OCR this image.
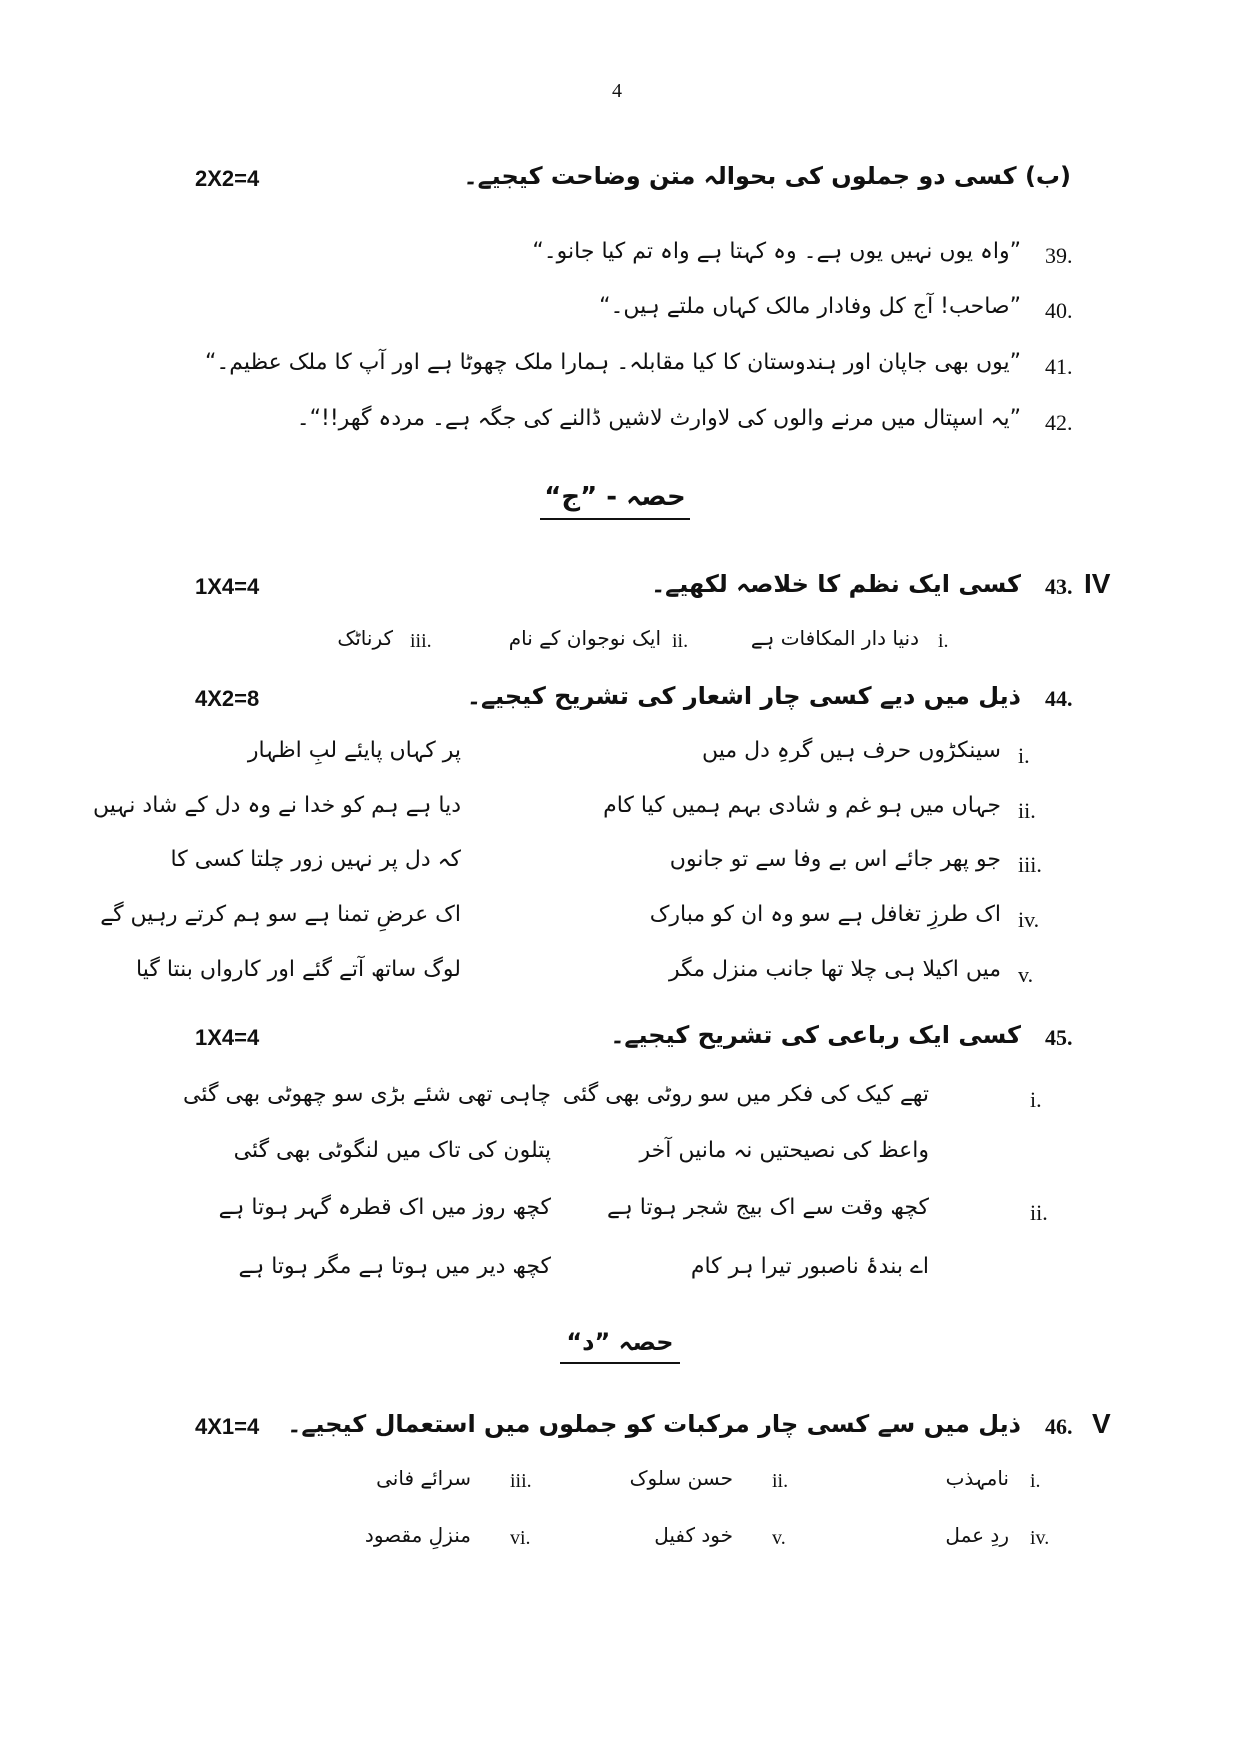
4
2X2=4	(ب) کسی دو جملوں کی بحوالہ متن وضاحت کیجیے۔
39.
”واہ یوں نہیں یوں ہے۔ وہ کہتا ہے واہ تم کیا جانو۔“
40.
”صاحب! آج کل وفادار مالک کہاں ملتے ہیں۔“
41.
”یوں بھی جاپان اور ہندوستان کا کیا مقابلہ۔ ہمارا ملک چھوٹا ہے اور آپ کا ملک عظیم۔“
42.
”یہ اسپتال میں مرنے والوں کی لاوارث لاشیں ڈالنے کی جگہ ہے۔ مردہ گھر!!“۔
حصہ - ”ج“
1X4=4	IV
43.
کسی ایک نظم کا خلاصہ لکھیے۔
i.
دنیا دار المکافات ہے
ii.
ایک نوجوان کے نام
iii.
کرناٹک
4X2=8	44.
ذیل میں دیے کسی چار اشعار کی تشریح کیجیے۔
i.
سینکڑوں حرف ہیں گرہِ دل میں
پر کہاں پایئے لبِ اظہار
ii.
جہاں میں ہو غم و شادی بہم ہمیں کیا کام
دیا ہے ہم کو خدا نے وہ دل کے شاد نہیں
iii.
جو پھر جائے اس بے وفا سے تو جانوں
کہ دل پر نہیں زور چلتا کسی کا
iv.
اک طرزِ تغافل ہے سو وہ ان کو مبارک
اک عرضِ تمنا ہے سو ہم کرتے رہیں گے
v.
میں اکیلا ہی چلا تھا جانب منزل مگر
لوگ ساتھ آتے گئے اور کارواں بنتا گیا
1X4=4	45.
کسی ایک رباعی کی تشریح کیجیے۔
i.
تھے کیک کی فکر میں سو روٹی بھی گئی
چاہی تھی شئے بڑی سو چھوٹی بھی گئی
واعظ کی نصیحتیں نہ مانیں آخر
پتلون کی تاک میں لنگوٹی بھی گئی
ii.
کچھ وقت سے اک بیج شجر ہوتا ہے
کچھ روز میں اک قطرہ گہر ہوتا ہے
اے بندۂ ناصبور تیرا ہر کام
کچھ دیر میں ہوتا ہے مگر ہوتا ہے
حصہ ”د“
4X1=4	V
46.
ذیل میں سے کسی چار مرکبات کو جملوں میں استعمال کیجیے۔
i.
نامہذب
ii.
حسن سلوک
iii.
سرائے فانی
iv.
ردِ عمل
v.
خود کفیل
vi.
منزلِ مقصود
